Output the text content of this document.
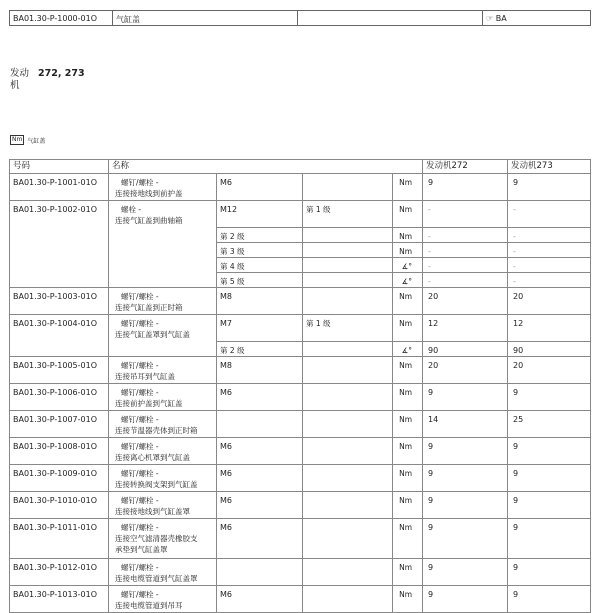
BA01.30-P-1000-01O	气缸盖	☞ BA
发动机
272, 273
Nm 气缸盖
号码	名称				发动机272	发动机273
BA01.30-P-1001-01O	螺钉/螺栓 -
连接接地线到前护盖	M6		Nm	9	9
BA01.30-P-1002-01O	螺栓 -
连接气缸盖到曲轴箱	M12	第 1 级	Nm	-	-
		第 2 级		Nm	-	-
		第 3 级		Nm	-	-
		第 4 级		∡°	-	-
		第 5 级		∡°	-	-
BA01.30-P-1003-01O	螺钉/螺栓 -
连接气缸盖到正时箱	M8		Nm	20	20
BA01.30-P-1004-01O	螺钉/螺栓 -
连接气缸盖罩到气缸盖	M7	第 1 级	Nm	12	12
		第 2 级		∡°	90	90
BA01.30-P-1005-01O	螺钉/螺栓 -
连接吊耳到气缸盖	M8		Nm	20	20
BA01.30-P-1006-01O	螺钉/螺栓 -
连接前护盖到气缸盖	M6		Nm	9	9
BA01.30-P-1007-01O	螺钉/螺栓 -
连接节温器壳体到正时箱			Nm	14	25
BA01.30-P-1008-01O	螺钉/螺栓 -
连接离心机罩到气缸盖	M6		Nm	9	9
BA01.30-P-1009-01O	螺钉/螺栓 -
连接转换阀支架到气缸盖	M6		Nm	9	9
BA01.30-P-1010-01O	螺钉/螺栓 -
连接接地线到气缸盖罩	M6		Nm	9	9
BA01.30-P-1011-01O	螺钉/螺栓 -
连接空气滤清器壳橡胶支
承垫到气缸盖罩	M6		Nm	9	9
BA01.30-P-1012-01O	螺钉/螺栓 -
连接电缆管道到气缸盖罩			Nm	9	9
BA01.30-P-1013-01O	螺钉/螺栓 -
连接电缆管道到吊耳	M6		Nm	9	9
